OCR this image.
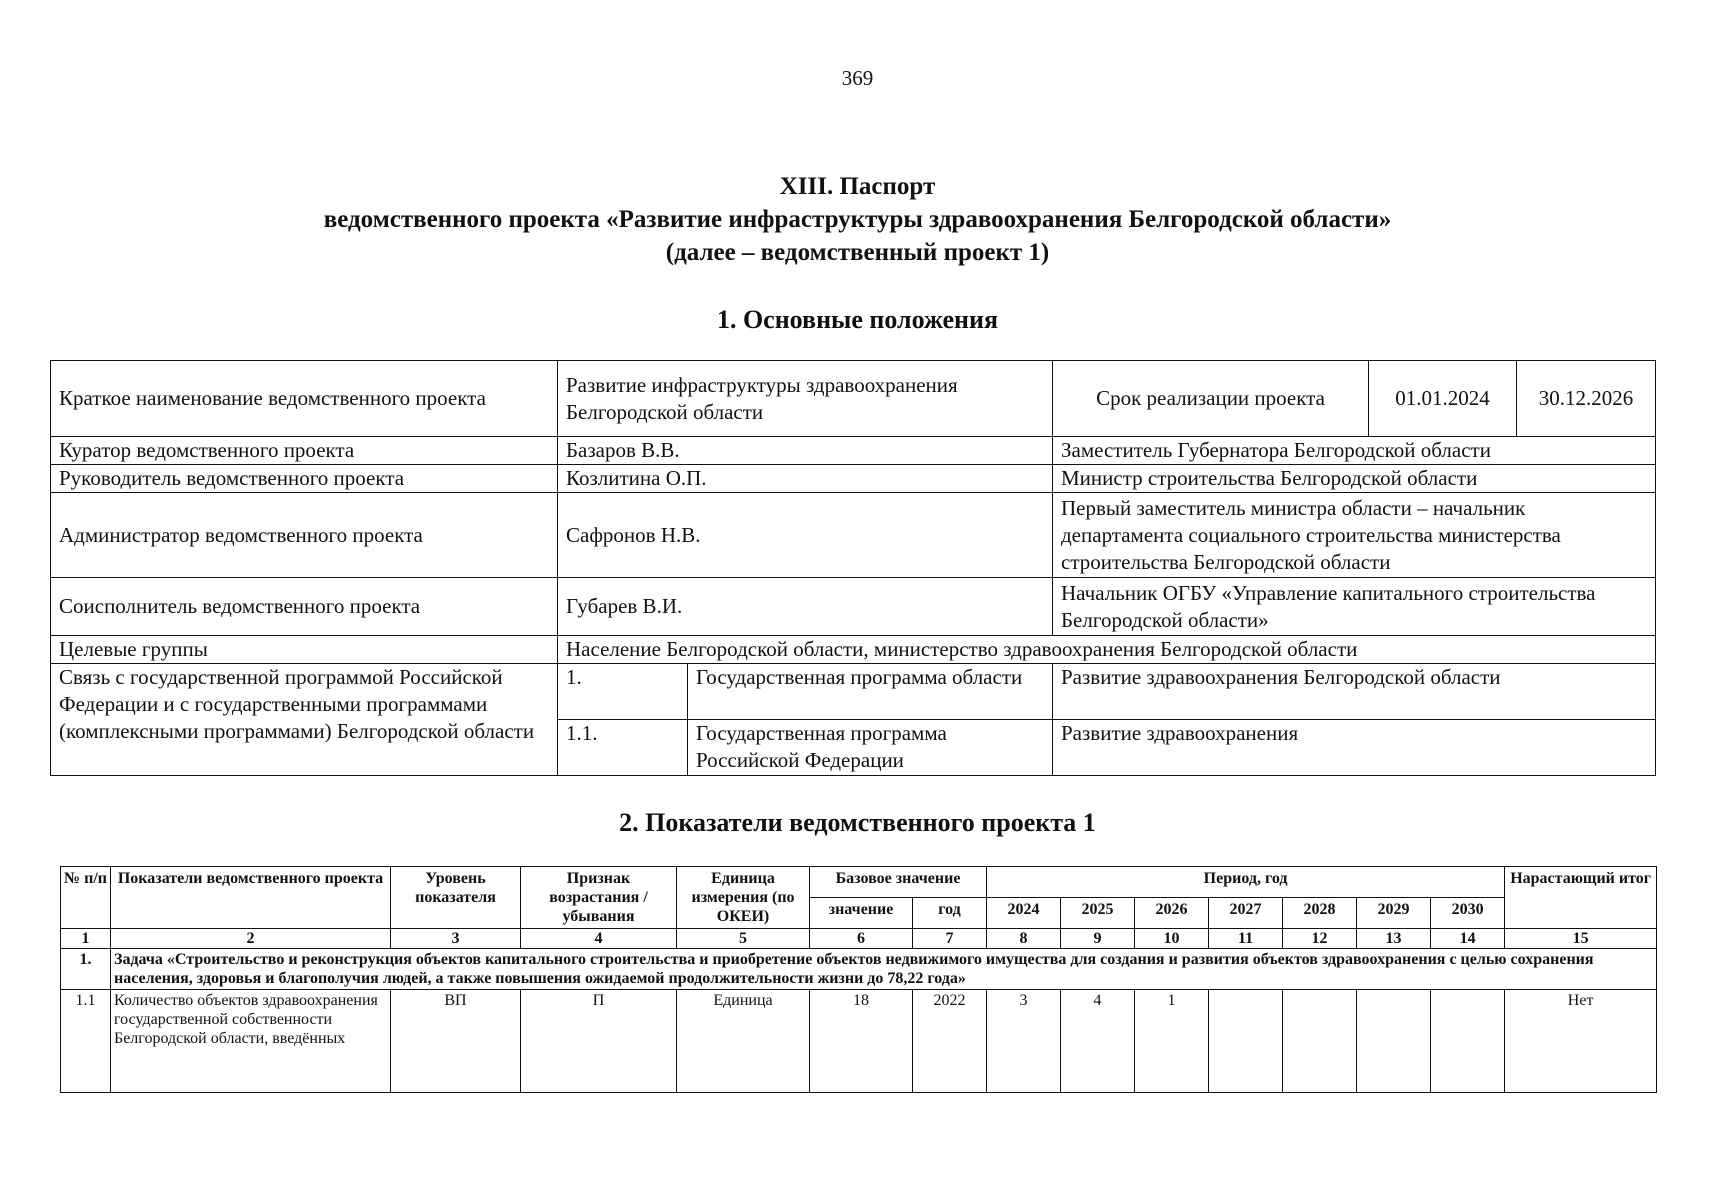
369
XIII. Паспорт
ведомственного проекта «Развитие инфраструктуры здравоохранения Белгородской области»
(далее – ведомственный проект 1)
1. Основные положения
Краткое наименование ведомственного проекта	Развитие инфраструктуры здравоохранения Белгородской области		Срок реализации проекта	01.01.2024	30.12.2026
Куратор ведомственного проекта	Базаров В.В.		Заместитель Губернатора Белгородской области		
Руководитель ведомственного проекта	Козлитина О.П.		Министр строительства Белгородской области		
Администратор ведомственного проекта	Сафронов Н.В.		Первый заместитель министра области – начальник департамента социального строительства министерства строительства Белгородской области		
Соисполнитель ведомственного проекта	Губарев В.И.		Начальник ОГБУ «Управление капитального строительства Белгородской области»		
Целевые группы	Население Белгородской области, министерство здравоохранения Белгородской области				
Связь с государственной программой Российской Федерации и с государственными программами (комплексными программами) Белгородской области	1.	Государственная программа области	Развитие здравоохранения Белгородской области		
	1.1.	Государственная программа Российской Федерации	Развитие здравоохранения		
2. Показатели ведомственного проекта 1
№ п/п	Показатели ведомственного проекта	Уровень показателя	Признак возрастания / убывания	Единица измерения (по ОКЕИ)	Базовое значение		Период, год							Нарастающий итог
					значение	год	2024	2025	2026	2027	2028	2029	2030	
1	2	3	4	5	6	7	8	9	10	11	12	13	14	15
1.	Задача «Строительство и реконструкция объектов капитального строительства и приобретение объектов недвижимого имущества для создания и развития объектов здравоохранения с целью сохранения населения, здоровья и благополучия людей, а также повышения ожидаемой продолжительности жизни до 78,22 года»													
1.1	Количество объектов здравоохранения государственной собственности Белгородской области, введённых	ВП	П	Единица	18	2022	3	4	1					Нет
